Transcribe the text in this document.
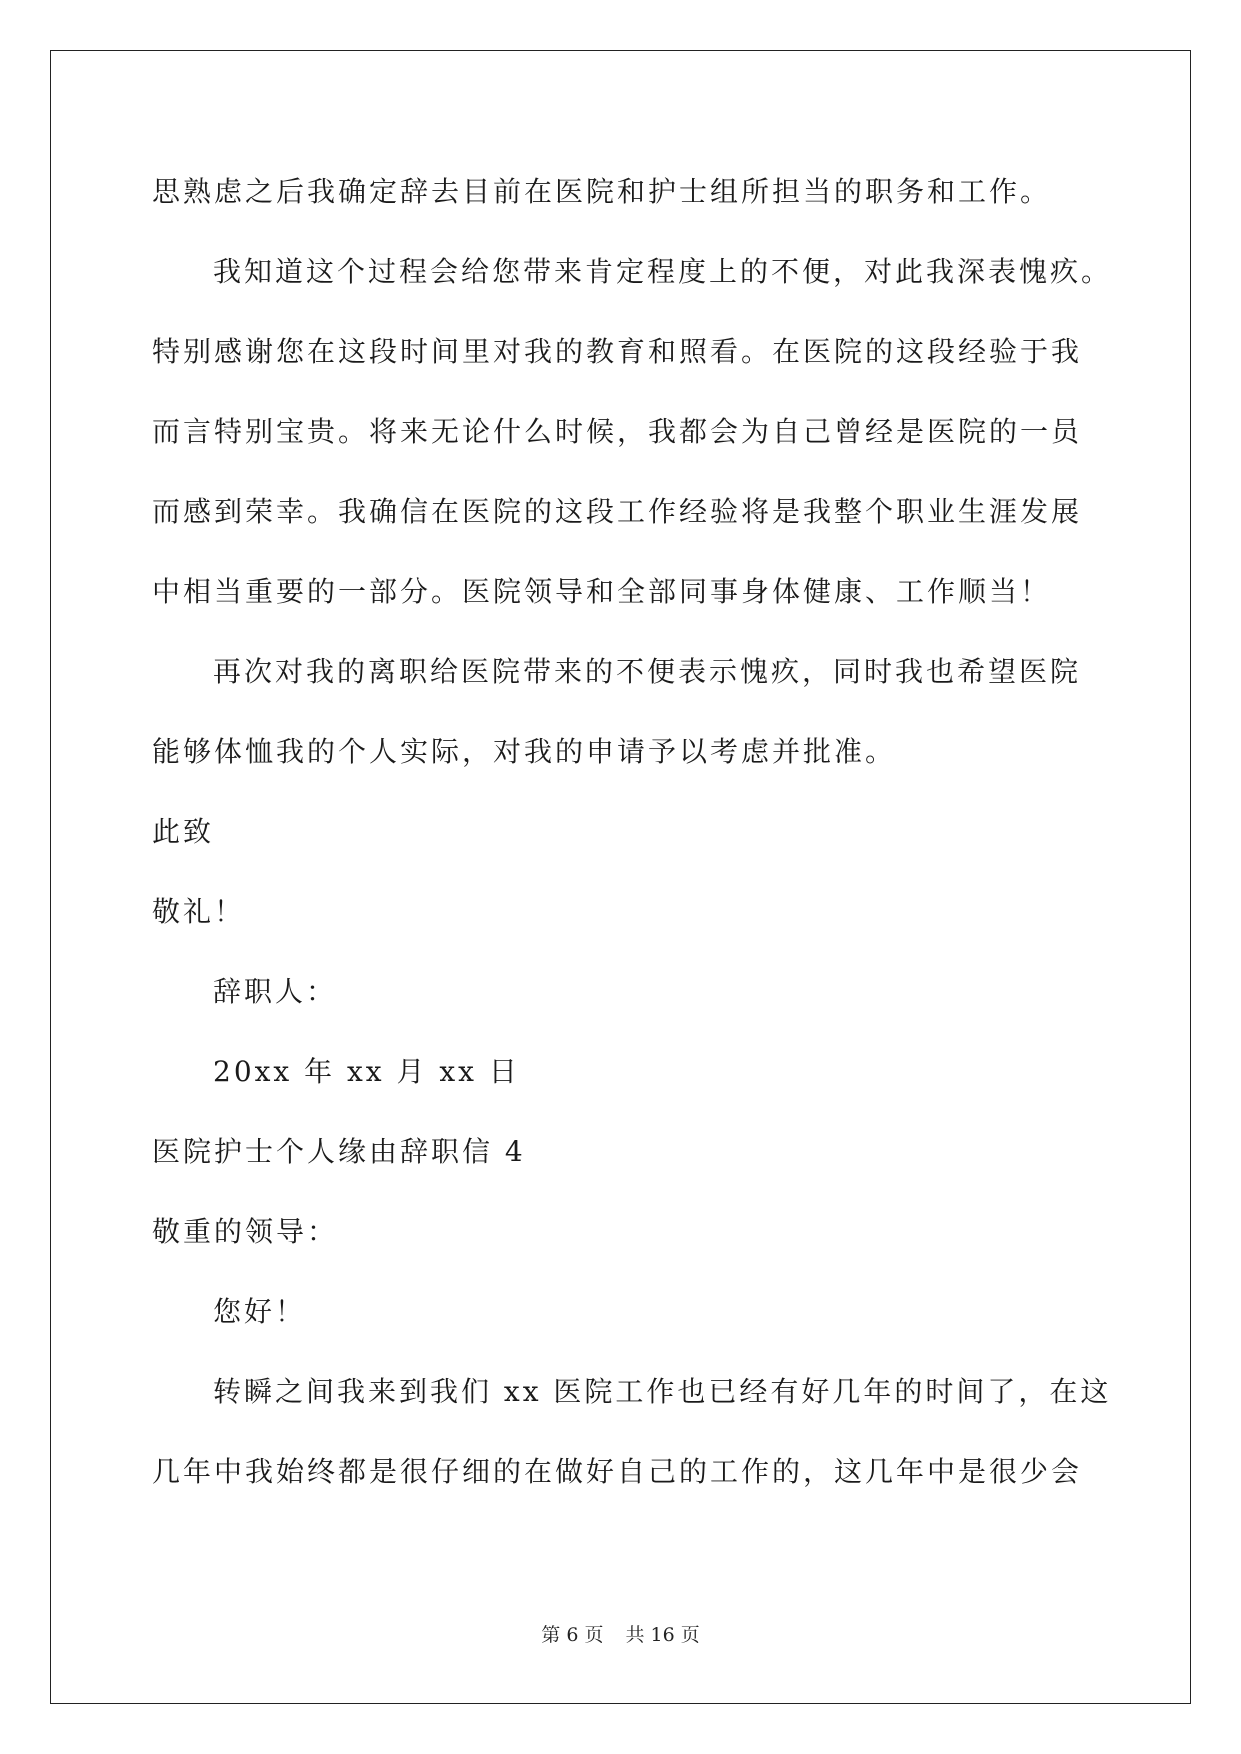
思熟虑之后我确定辞去目前在医院和护士组所担当的职务和工作。
我知道这个过程会给您带来肯定程度上的不便，对此我深表愧疚。
特别感谢您在这段时间里对我的教育和照看。在医院的这段经验于我
而言特别宝贵。将来无论什么时候，我都会为自己曾经是医院的一员
而感到荣幸。我确信在医院的这段工作经验将是我整个职业生涯发展
中相当重要的一部分。医院领导和全部同事身体健康、工作顺当！
再次对我的离职给医院带来的不便表示愧疚，同时我也希望医院
能够体恤我的个人实际，对我的申请予以考虑并批准。
此致
敬礼！
辞职人：
20xx 年 xx 月 xx 日
医院护士个人缘由辞职信 4
敬重的领导：
您好！
转瞬之间我来到我们 xx 医院工作也已经有好几年的时间了，在这
几年中我始终都是很仔细的在做好自己的工作的，这几年中是很少会
第 6 页 共 16 页
